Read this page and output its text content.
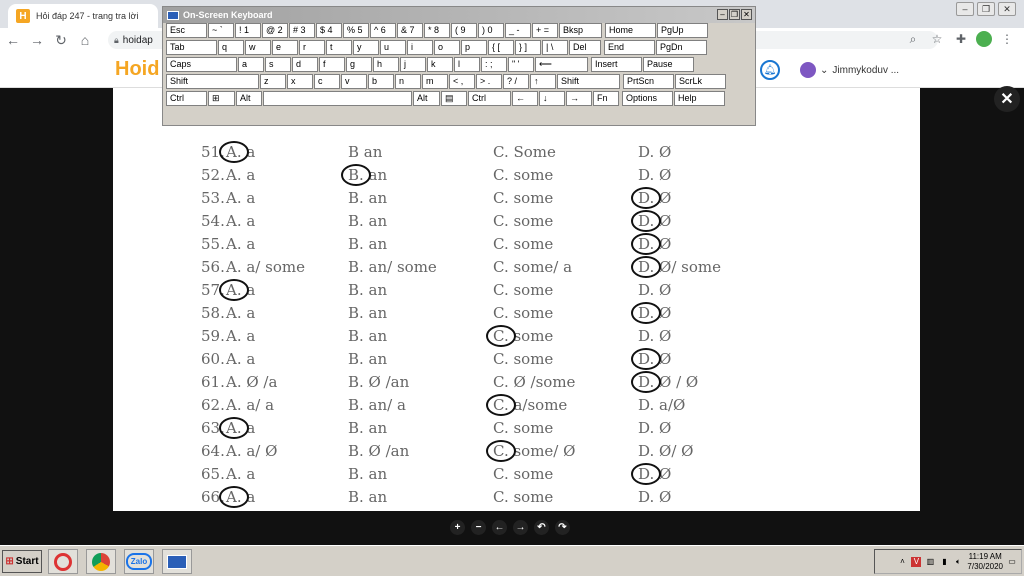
H	Hỏi đáp 247 - trang tra lời
–	❐	✕
← → ↻ ⌂	🔒︎ hoidap	⌕	☆	✚	⋮
Hoid	🔔︎	⌄ Jimmykoduv ...
51. A. a	B an	C. Some	D. Ø
52. A. a	B. an	C. some	D. Ø
53. A. a	B. an	C. some	D. Ø
54. A. a	B. an	C. some	D. Ø
55. A. a	B. an	C. some	D. Ø
56. A. a/ some	B. an/ some	C. some/ a	D. Ø/ some
57. A. a	B. an	C. some	D. Ø
58. A. a	B. an	C. some	D. Ø
59. A. a	B. an	C. some	D. Ø
60. A. a	B. an	C. some	D. Ø
61. A. Ø /a	B. Ø /an	C. Ø /some	D. Ø / Ø
62. A. a/ a	B. an/ a	C. a/some	D. a/Ø
63. A. a	B. an	C. some	D. Ø
64. A. a/ Ø	B. Ø /an	C. some/ Ø	D. Ø/ Ø
65. A. a	B. an	C. some	D. Ø
66. A. a	B. an	C. some	D. Ø
✕
+	−	← →	↶	↷
On-Screen Keyboard	– ❐ ✕
Esc	~ `	! 1	@ 2	# 3	$ 4	% 5	^ 6	& 7	* 8	( 9	) 0	_ -	+ =	Bksp	Home	PgUp
Tab	q	w	e	r	t	y	u	i	o	p	{ [	} ]	| \	Del	End	PgDn
Caps	a	s	d	f	g	h	j	k	l	: ;	" '	⟵	Insert	Pause
Shift	z	x	c	v	b	n	m	< ,	> .	? /	↑	Shift	PrtScn	ScrLk
Ctrl	⊞	Alt	Alt	▤	Ctrl	←	↓	→	Fn	Options	Help
⊞ Start	Zalo	˄	V ▥	▮	🔈︎
11:19 AM
7/30/2020 ▭
